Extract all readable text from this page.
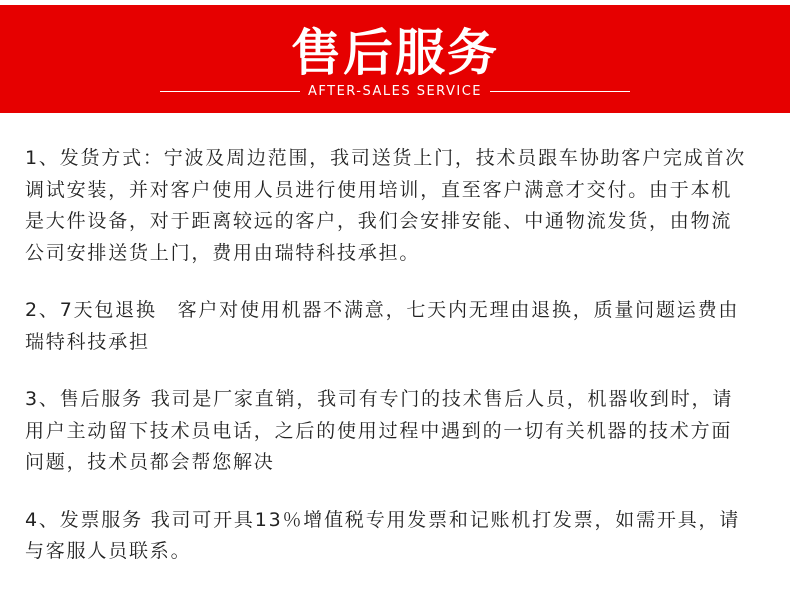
售后服务
AFTER-SALES SERVICE
1、发货方式：宁波及周边范围，我司送货上门，技术员跟车协助客户完成首次
调试安装，并对客户使用人员进行使用培训，直至客户满意才交付。由于本机
是大件设备，对于距离较远的客户，我们会安排安能、中通物流发货，由物流
公司安排送货上门，费用由瑞特科技承担。
2、7天包退换　客户对使用机器不满意，七天内无理由退换，质量问题运费由
瑞特科技承担
3、售后服务 我司是厂家直销，我司有专门的技术售后人员，机器收到时，请
用户主动留下技术员电话，之后的使用过程中遇到的一切有关机器的技术方面
问题，技术员都会帮您解决
4、发票服务 我司可开具13％增值税专用发票和记账机打发票，如需开具，请
与客服人员联系。
